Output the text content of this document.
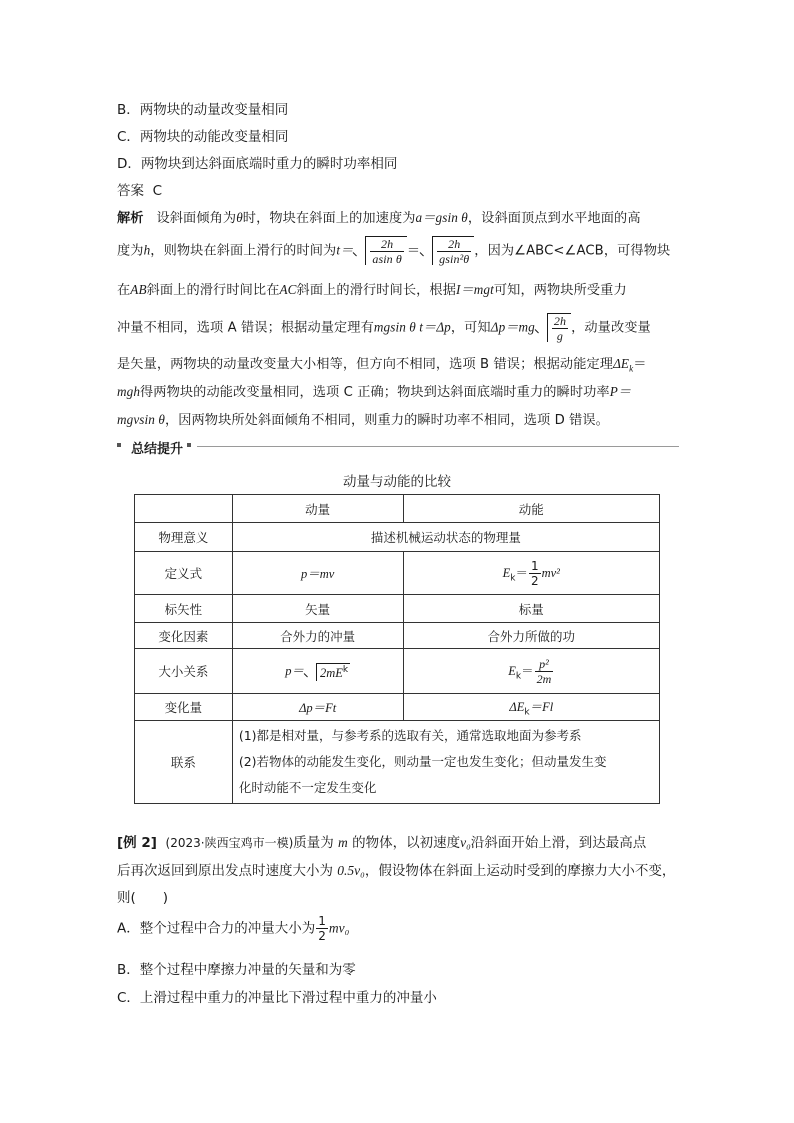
B．两物块的动量改变量相同
C．两物块的动能改变量相同
D．两物块到达斜面底端时重力的瞬时功率相同
答案 C
解析 设斜面倾角为θ时，物块在斜面上的加速度为a＝gsin θ，设斜面顶点到水平地面的高
度为h，则物块在斜面上滑行的时间为$t= \frac{2h}{\text{asin θ}} = \frac{2h}{\text{gsin²θ}}$ ，因为∠ABC<∠ACB，可得物块
在AB斜面上的滑行时间比在AC斜面上的滑行时间长，根据I＝mgt可知，两物块所受重力
冲量不相同，选项 A 错误；根据动量定理有mgsin θ t＝Δp，可知$\Delta p=mg \frac{2h}{g}$ ，动量改变量
是矢量，两物块的动量改变量大小相等，但方向不相同，选项 B 错误；根据动能定理$\Delta E_k=$
mgh得两物块的动能改变量相同，选项 C 正确；物块到达斜面底端时重力的瞬时功率P＝
mgvsin θ，因两物块所处斜面倾角不相同，则重力的瞬时功率不相同，选项 D 错误。
总结提升
动量与动能的比较
	动量	动能
物理意义	描述机械运动状态的物理量	
定义式	p＝mv	$E_k= \frac{1}{2} mv^2$
标矢性	矢量	标量
变化因素	合外力的冲量	合外力所做的功
大小关系	$p= 2mE^k$	$E_k= \frac{\text{p²}}{2m}$

变化量	Δp＝Ft	$\Delta E_k=Fl$
联系	(1)都是相对量，与参考系的选取有关，通常选取地面为参考系
(2)若物体的动能发生变化，则动量一定也发生变化；但动量发生变
化时动能不一定发生变化	
[例 2] (2023·陕西宝鸡市一模)质量为 m 的物体，以初速度v₀沿斜面开始上滑，到达最高点
后再次返回到原出发点时速度大小为 0.5v₀，假设物体在斜面上运动时受到的摩擦力大小不变，
则(　　)
A．整个过程中合力的冲量大小为 $\frac{1}{2} mv_0$
B．整个过程中摩擦力冲量的矢量和为零
C．上滑过程中重力的冲量比下滑过程中重力的冲量小
